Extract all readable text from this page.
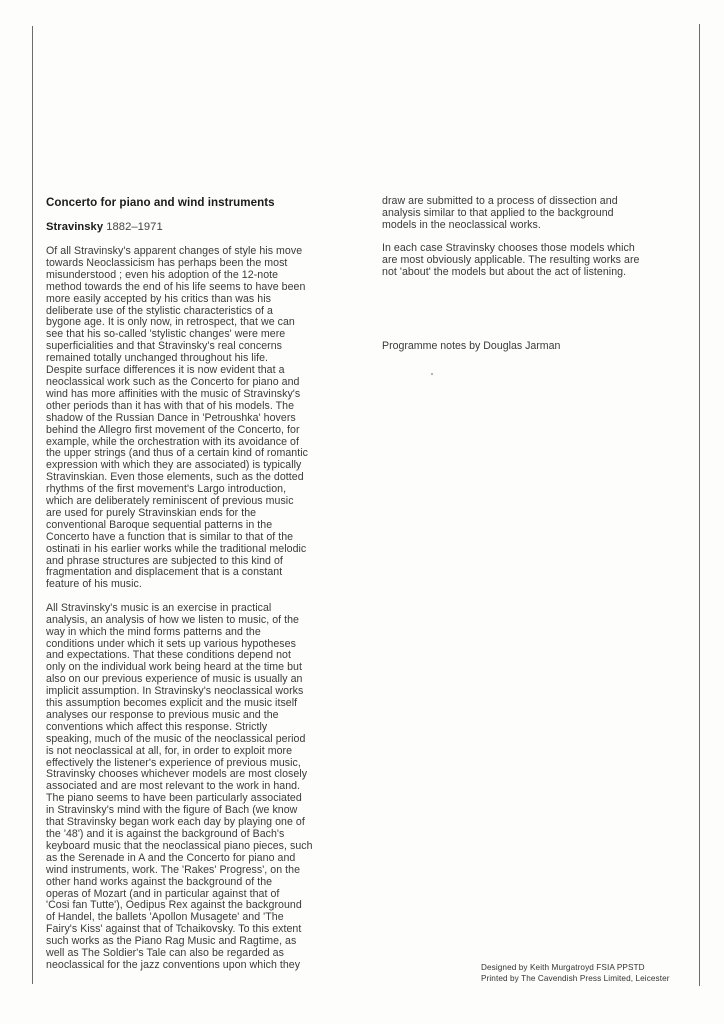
Concerto for piano and wind instruments
Stravinsky 1882–1971
Of all Stravinsky's apparent changes of style his move
towards Neoclassicism has perhaps been the most
misunderstood ; even his adoption of the 12-note
method towards the end of his life seems to have been
more easily accepted by his critics than was his
deliberate use of the stylistic characteristics of a
bygone age. It is only now, in retrospect, that we can
see that his so-called 'stylistic changes' were mere
superficialities and that Stravinsky's real concerns
remained totally unchanged throughout his life.
Despite surface differences it is now evident that a
neoclassical work such as the Concerto for piano and
wind has more affinities with the music of Stravinsky's
other periods than it has with that of his models. The
shadow of the Russian Dance in 'Petroushka' hovers
behind the Allegro first movement of the Concerto, for
example, while the orchestration with its avoidance of
the upper strings (and thus of a certain kind of romantic
expression with which they are associated) is typically
Stravinskian. Even those elements, such as the dotted
rhythms of the first movement's Largo introduction,
which are deliberately reminiscent of previous music
are used for purely Stravinskian ends for the
conventional Baroque sequential patterns in the
Concerto have a function that is similar to that of the
ostinati in his earlier works while the traditional melodic
and phrase structures are subjected to this kind of
fragmentation and displacement that is a constant
feature of his music.
All Stravinsky's music is an exercise in practical
analysis, an analysis of how we listen to music, of the
way in which the mind forms patterns and the
conditions under which it sets up various hypotheses
and expectations. That these conditions depend not
only on the individual work being heard at the time but
also on our previous experience of music is usually an
implicit assumption. In Stravinsky's neoclassical works
this assumption becomes explicit and the music itself
analyses our response to previous music and the
conventions which affect this response. Strictly
speaking, much of the music of the neoclassical period
is not neoclassical at all, for, in order to exploit more
effectively the listener's experience of previous music,
Stravinsky chooses whichever models are most closely
associated and are most relevant to the work in hand.
The piano seems to have been particularly associated
in Stravinsky's mind with the figure of Bach (we know
that Stravinsky began work each day by playing one of
the '48') and it is against the background of Bach's
keyboard music that the neoclassical piano pieces, such
as the Serenade in A and the Concerto for piano and
wind instruments, work. The 'Rakes' Progress', on the
other hand works against the background of the
operas of Mozart (and in particular against that of
'Cosi fan Tutte'), Oedipus Rex against the background
of Handel, the ballets 'Apollon Musagete' and 'The
Fairy's Kiss' against that of Tchaikovsky. To this extent
such works as the Piano Rag Music and Ragtime, as
well as The Soldier's Tale can also be regarded as
neoclassical for the jazz conventions upon which they
draw are submitted to a process of dissection and
analysis similar to that applied to the background
models in the neoclassical works.
In each case Stravinsky chooses those models which
are most obviously applicable. The resulting works are
not 'about' the models but about the act of listening.
Programme notes by Douglas Jarman
Designed by Keith Murgatroyd FSIA PPSTD
Printed by The Cavendish Press Limited, Leicester
